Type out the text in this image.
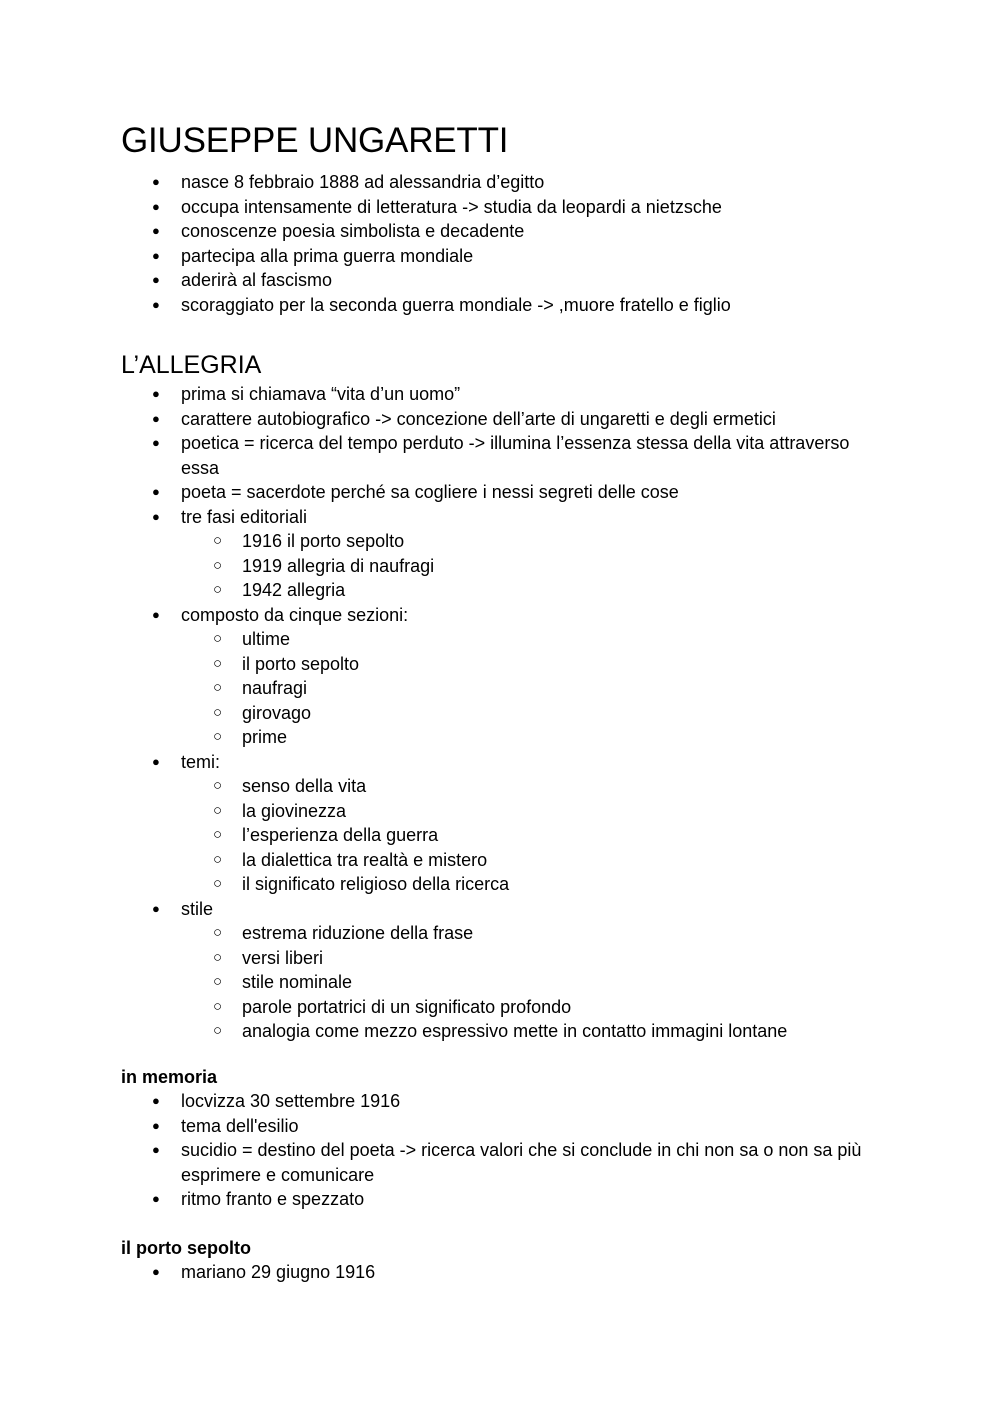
GIUSEPPE UNGARETTI
● nasce 8 febbraio 1888 ad alessandria d’egitto
● occupa intensamente di letteratura -> studia da leopardi a nietzsche
● conoscenze poesia simbolista e decadente
● partecipa alla prima guerra mondiale
● aderirà al fascismo
● scoraggiato per la seconda guerra mondiale -> ,muore fratello e figlio
L’ALLEGRIA
● prima si chiamava “vita d’un uomo”
● carattere autobiografico -> concezione dell’arte di ungaretti e degli ermetici
● poetica = ricerca del tempo perduto -> illumina l’essenza stessa della vita attraverso essa
● poeta = sacerdote perché sa cogliere i nessi segreti delle cose
● tre fasi editoriali
○ 1916 il porto sepolto
○ 1919 allegria di naufragi
○ 1942 allegria
● composto da cinque sezioni:
○ ultime
○ il porto sepolto
○ naufragi
○ girovago
○ prime
● temi:
○ senso della vita
○ la giovinezza
○ l’esperienza della guerra
○ la dialettica tra realtà e mistero
○ il significato religioso della ricerca
● stile
○ estrema riduzione della frase
○ versi liberi
○ stile nominale
○ parole portatrici di un significato profondo
○ analogia come mezzo espressivo mette in contatto immagini lontane
in memoria
● locvizza 30 settembre 1916
● tema dell'esilio
● sucidio = destino del poeta -> ricerca valori che si conclude in chi non sa o non sa più esprimere e comunicare
● ritmo franto e spezzato
il porto sepolto
● mariano 29 giugno 1916
